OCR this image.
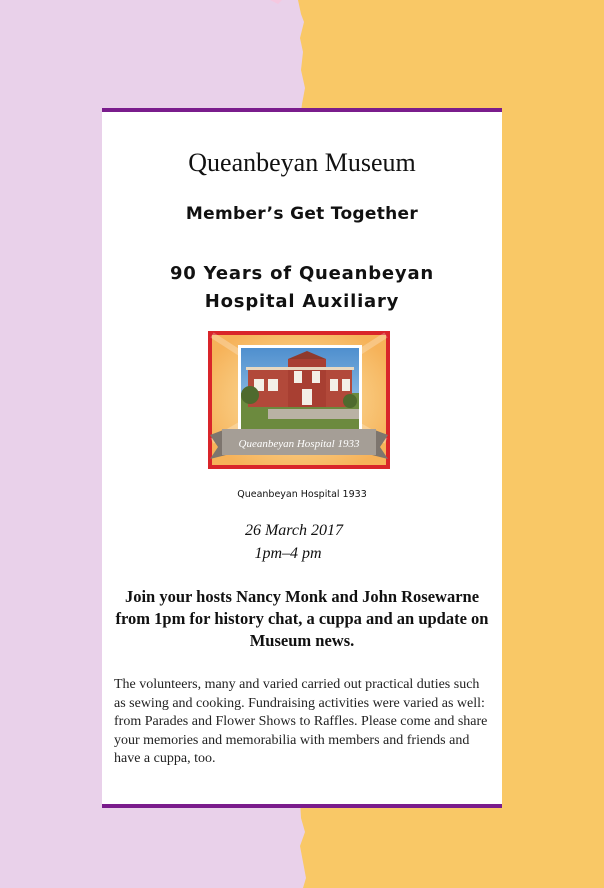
Queanbeyan Museum
Member’s Get Together
90 Years of Queanbeyan Hospital Auxiliary
Queanbeyan Hospital 1933
Queanbeyan Hospital 1933
26 March 2017
1pm–4 pm
Join your hosts Nancy Monk and John Rosewarne from 1pm for history chat, a cuppa and an update on Museum news.
The volunteers, many and varied carried out practical duties such as sewing and cooking. Fundraising activities were varied as well: from Parades and Flower Shows to Raffles. Please come and share your memories and memorabilia with members and friends and have a cuppa, too.
